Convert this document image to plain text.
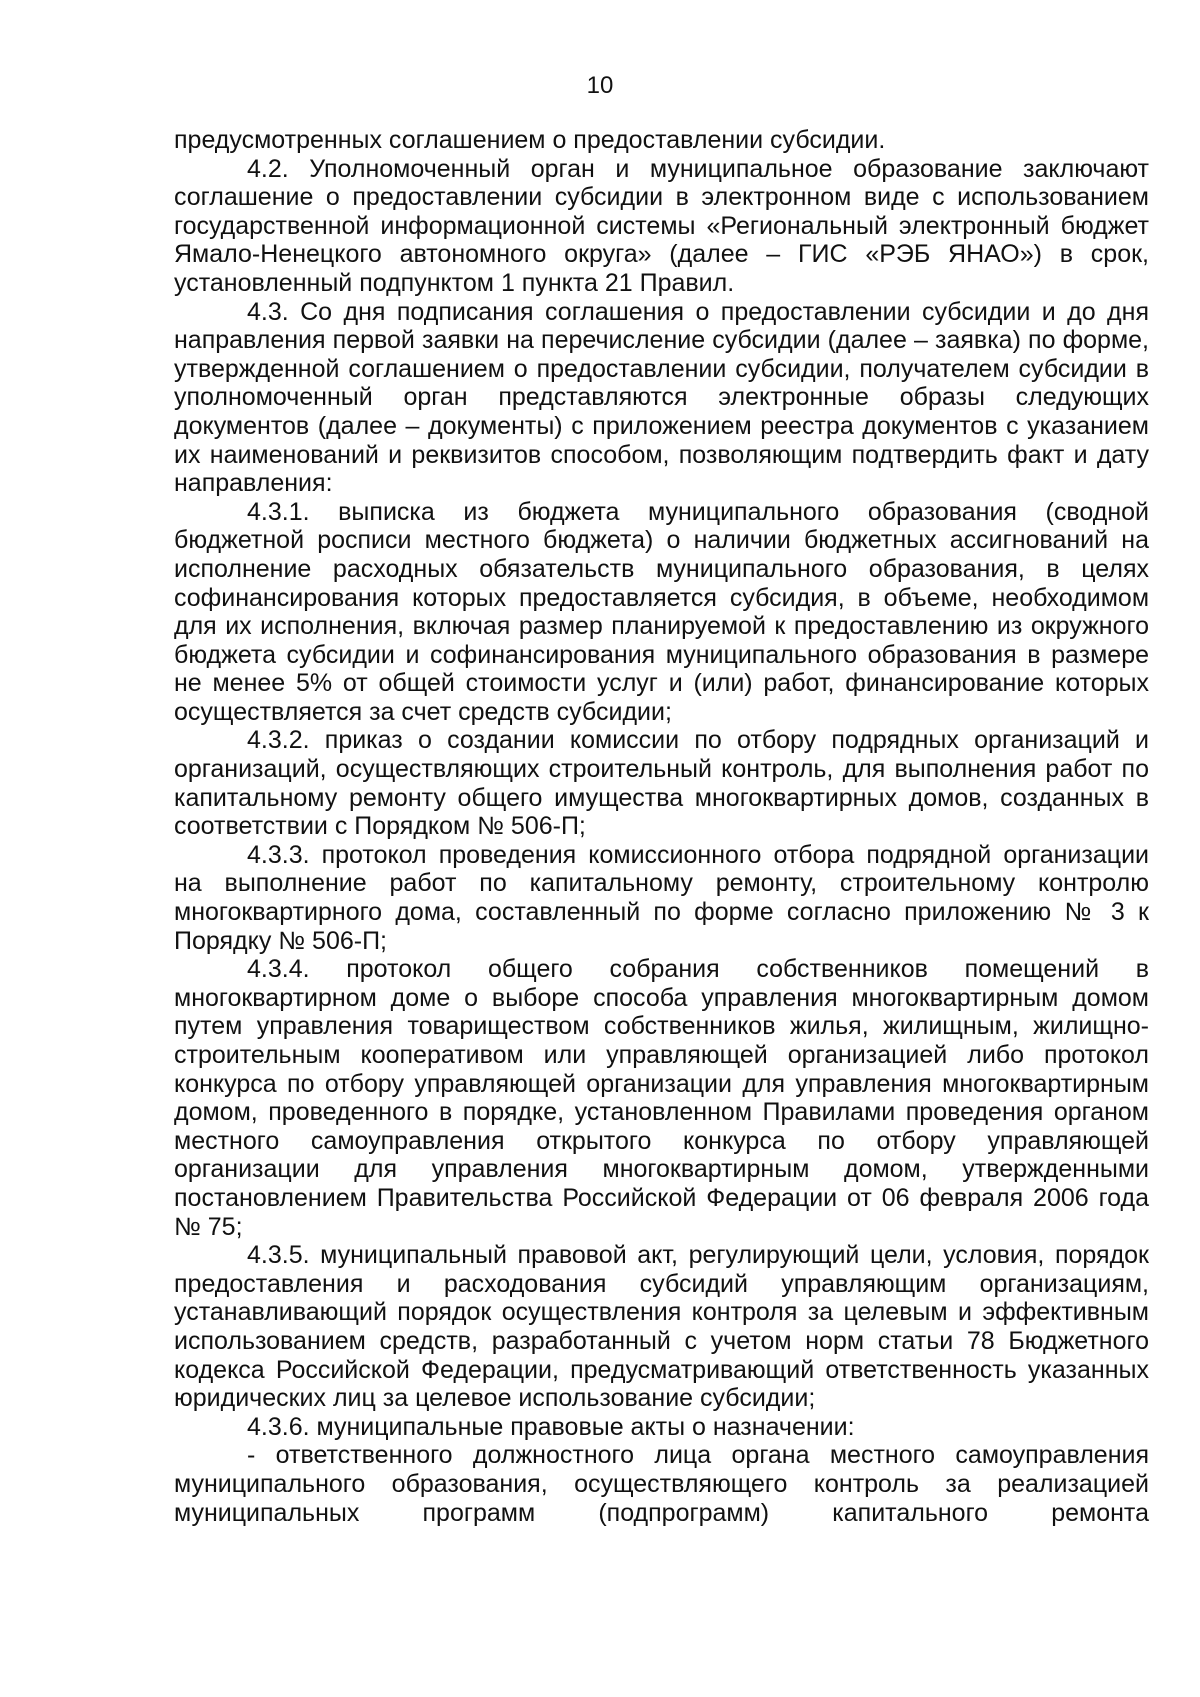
10

предусмотренных соглашением о предоставлении субсидии.

4.2. Уполномоченный орган и муниципальное образование заключают соглашение о предоставлении субсидии в электронном виде с использованием государственной информационной системы «Региональный электронный бюджет Ямало-Ненецкого автономного округа» (далее – ГИС «РЭБ ЯНАО») в срок, установленный подпунктом 1 пункта 21 Правил.

4.3. Со дня подписания соглашения о предоставлении субсидии и до дня направления первой заявки на перечисление субсидии (далее – заявка) по форме, утвержденной соглашением о предоставлении субсидии, получателем субсидии в уполномоченный орган представляются электронные образы следующих документов (далее – документы) с приложением реестра документов с указанием их наименований и реквизитов способом, позволяющим подтвердить факт и дату направления:

4.3.1. выписка из бюджета муниципального образования (сводной бюджетной росписи местного бюджета) о наличии бюджетных ассигнований на исполнение расходных обязательств муниципального образования, в целях софинансирования которых предоставляется субсидия, в объеме, необходимом для их исполнения, включая размер планируемой к предоставлению из окружного бюджета субсидии и софинансирования муниципального образования в размере не менее 5% от общей стоимости услуг и (или) работ, финансирование которых осуществляется за счет средств субсидии;

4.3.2. приказ о создании комиссии по отбору подрядных организаций и организаций, осуществляющих строительный контроль, для выполнения работ по капитальному ремонту общего имущества многоквартирных домов, созданных в соответствии с Порядком № 506-П;

4.3.3. протокол проведения комиссионного отбора подрядной организации на выполнение работ по капитальному ремонту, строительному контролю многоквартирного дома, составленный по форме согласно приложению № 3 к Порядку № 506-П;

4.3.4. протокол общего собрания собственников помещений в многоквартирном доме о выборе способа управления многоквартирным домом путем управления товариществом собственников жилья, жилищным, жилищно-строительным кооперативом или управляющей организацией либо протокол конкурса по отбору управляющей организации для управления многоквартирным домом, проведенного в порядке, установленном Правилами проведения органом местного самоуправления открытого конкурса по отбору управляющей организации для управления многоквартирным домом, утвержденными постановлением Правительства Российской Федерации от 06 февраля 2006 года № 75;

4.3.5. муниципальный правовой акт, регулирующий цели, условия, порядок предоставления и расходования субсидий управляющим организациям, устанавливающий порядок осуществления контроля за целевым и эффективным использованием средств, разработанный с учетом норм статьи 78 Бюджетного кодекса Российской Федерации, предусматривающий ответственность указанных юридических лиц за целевое использование субсидии;

4.3.6. муниципальные правовые акты о назначении:

- ответственного должностного лица органа местного самоуправления муниципального образования, осуществляющего контроль за реализацией муниципальных программ (подпрограмм) капитального ремонта
